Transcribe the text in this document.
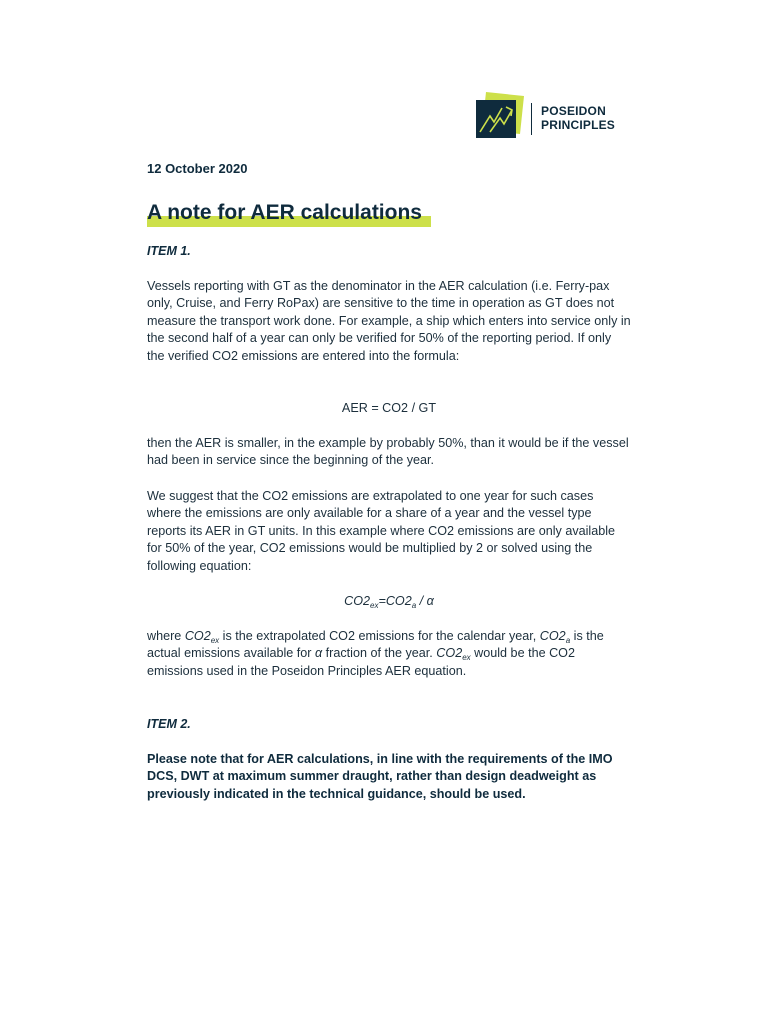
POSEIDON
PRINCIPLES
12 October 2020
A note for AER calculations
ITEM 1.

Vessels reporting with GT as the denominator in the AER calculation (i.e. Ferry-pax only, Cruise, and Ferry RoPax) are sensitive to the time in operation as GT does not measure the transport work done. For example, a ship which enters into service only in the second half of a year can only be verified for 50% of the reporting period. If only the verified CO2 emissions are entered into the formula:

AER = CO2 / GT

then the AER is smaller, in the example by probably 50%, than it would be if the vessel had been in service since the beginning of the year.

We suggest that the CO2 emissions are extrapolated to one year for such cases where the emissions are only available for a share of a year and the vessel type reports its AER in GT units. In this example where CO2 emissions are only available for 50% of the year, CO2 emissions would be multiplied by 2 or solved using the following equation:

$CO2_{ex}=CO2_a / \alpha$

where $CO2_{ex}$ is the extrapolated CO2 emissions for the calendar year, $CO2_a$ is the actual emissions available for α fraction of the year. $CO2_{ex}$ would be the CO2 emissions used in the Poseidon Principles AER equation.

ITEM 2.

Please note that for AER calculations, in line with the requirements of the IMO DCS, DWT at maximum summer draught, rather than design deadweight as previously indicated in the technical guidance, should be used.
